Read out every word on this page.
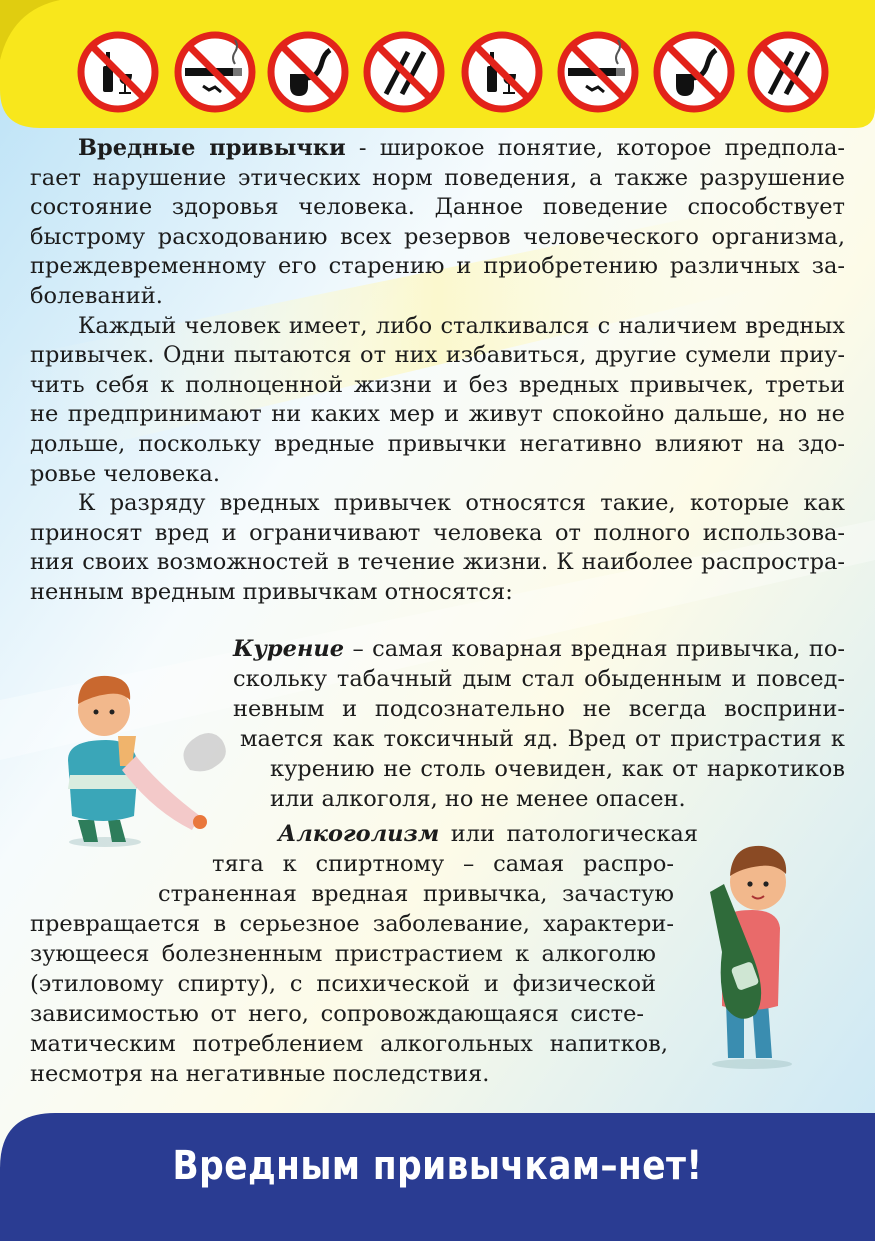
Вредные привычки - широкое понятие, которое предпола-гает нарушение этических норм поведения, а также разрушение состояние здоровья человека. Данное поведение способствует быстрому расходованию всех резервов человеческого организма, преждевременному его старению и приобретению различных за-болеваний.

Каждый человек имеет, либо сталкивался с наличием вредных привычек. Одни пытаются от них избавиться, другие сумели приу-чить себя к полноценной жизни и без вредных привычек, третьи не предпринимают ни каких мер и живут спокойно дальше, но не дольше, поскольку вредные привычки негативно влияют на здо-ровье человека.

К разряду вредных привычек относятся такие, которые как приносят вред и ограничивают человека от полного использова-ния своих возможностей в течение жизни. К наиболее распростра-ненным вредным привычкам относятся:

Курение – самая коварная вредная привычка, по-
скольку табачный дым стал обыденным и повсед-
невным и подсознательно не всегда восприни-
мается как токсичный яд. Вред от пристрастия к
курению не столь очевиден, как от наркотиков
или алкоголя, но не менее опасен.
Алкоголизм или патологическая
тяга к спиртному – самая распро-
страненная вредная привычка, зачастую
превращается в серьезное заболевание, характери-
зующееся болезненным пристрастием к алкоголю
(этиловому спирту), с психической и физической
зависимостью от него, сопровождающаяся систе-
матическим потреблением алкогольных напитков,
несмотря на негативные последствия.
Вредным привычкам–нет!
